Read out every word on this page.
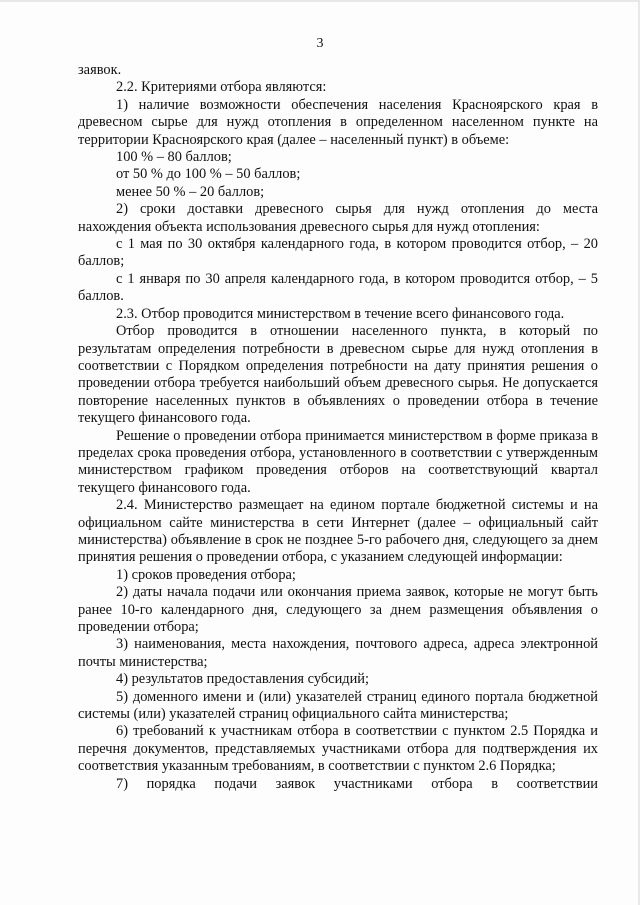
3

заявок.

2.2. Критериями отбора являются:

1) наличие возможности обеспечения населения Красноярского края в древесном сырье для нужд отопления в определенном населенном пункте на территории Красноярского края (далее – населенный пункт) в объеме:

100 % – 80 баллов;

от 50 % до 100 % – 50 баллов;

менее 50 % – 20 баллов;

2) сроки доставки древесного сырья для нужд отопления до места нахождения объекта использования древесного сырья для нужд отопления:

с 1 мая по 30 октября календарного года, в котором проводится отбор, – 20 баллов;

с 1 января по 30 апреля календарного года, в котором проводится отбор, – 5 баллов.

2.3. Отбор проводится министерством в течение всего финансового года.

Отбор проводится в отношении населенного пункта, в который по результатам определения потребности в древесном сырье для нужд отопления в соответствии с Порядком определения потребности на дату принятия решения о проведении отбора требуется наибольший объем древесного сырья. Не допускается повторение населенных пунктов в объявлениях о проведении отбора в течение текущего финансового года.

Решение о проведении отбора принимается министерством в форме приказа в пределах срока проведения отбора, установленного в соответствии с утвержденным министерством графиком проведения отборов на соответствующий квартал текущего финансового года.

2.4. Министерство размещает на едином портале бюджетной системы и на официальном сайте министерства в сети Интернет (далее – официальный сайт министерства) объявление в срок не позднее 5-го рабочего дня, следующего за днем принятия решения о проведении отбора, с указанием следующей информации:

1) сроков проведения отбора;

2) даты начала подачи или окончания приема заявок, которые не могут быть ранее 10-го календарного дня, следующего за днем размещения объявления о проведении отбора;

3) наименования, места нахождения, почтового адреса, адреса электронной почты министерства;

4) результатов предоставления субсидий;

5) доменного имени и (или) указателей страниц единого портала бюджетной системы (или) указателей страниц официального сайта министерства;

6) требований к участникам отбора в соответствии с пунктом 2.5 Порядка и перечня документов, представляемых участниками отбора для подтверждения их соответствия указанным требованиям, в соответствии с пунктом 2.6 Порядка;

7) порядка подачи заявок участниками отбора в соответствии
